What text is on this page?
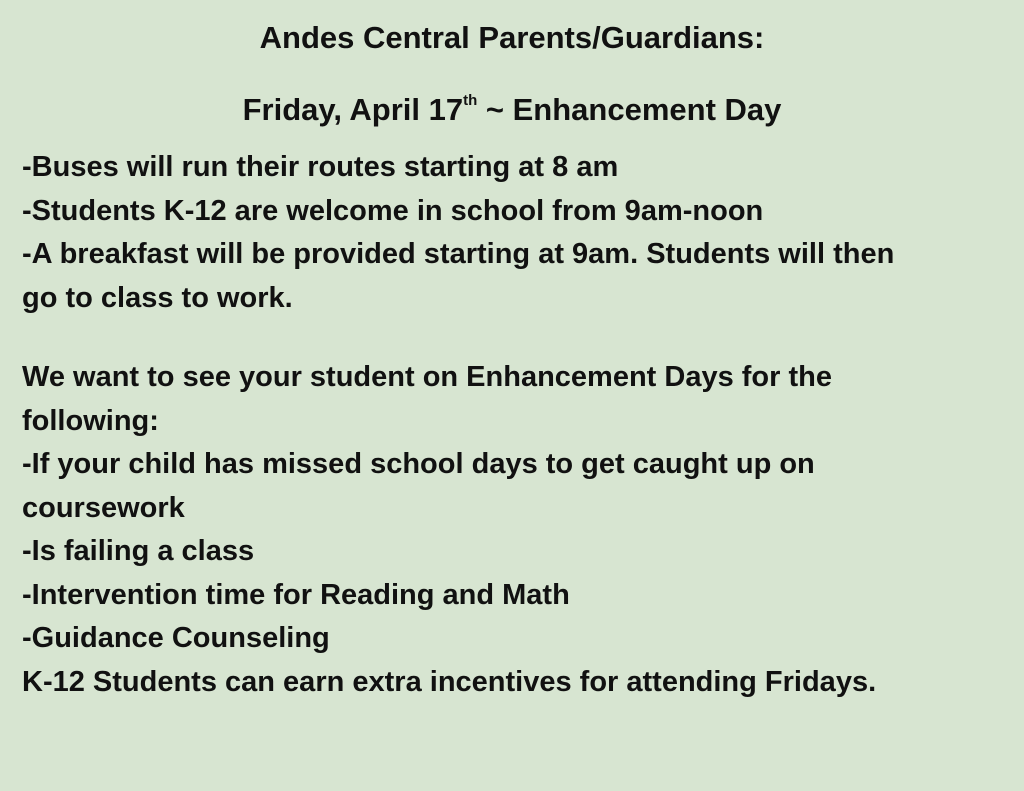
Andes Central Parents/Guardians:
Friday, April 17th ~ Enhancement Day
-Buses will run their routes starting at 8 am
-Students K-12 are welcome in school from 9am-noon
-A breakfast will be provided starting at 9am. Students will then
go to class to work.
We want to see your student on Enhancement Days for the
following:
-If your child has missed school days to get caught up on
coursework
-Is failing a class
-Intervention time for Reading and Math
-Guidance Counseling
K-12 Students can earn extra incentives for attending Fridays.
